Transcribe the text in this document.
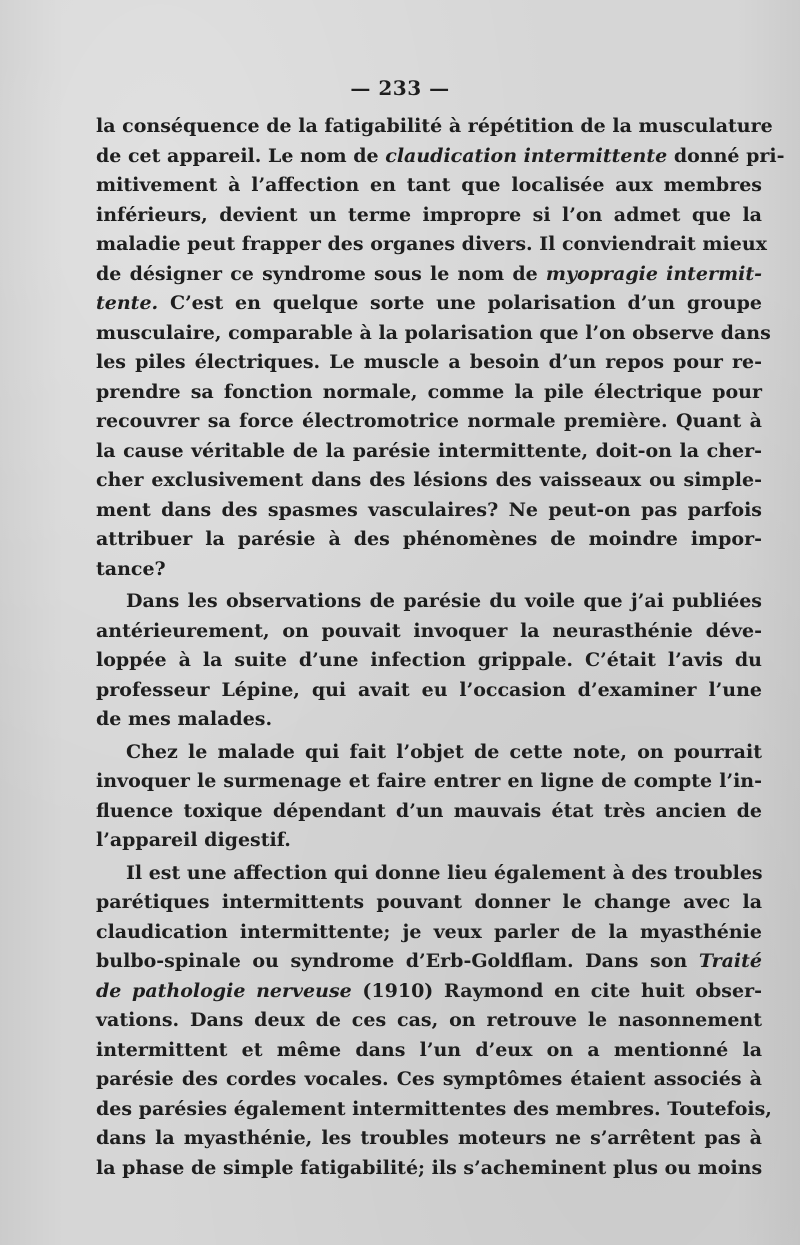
— 233 —
la conséquence de la fatigabilité à répétition de la musculature
de cet appareil. Le nom de claudication intermittente donné pri-
mitivement à l’affection en tant que localisée aux membres
inférieurs, devient un terme impropre si l’on admet que la
maladie peut frapper des organes divers. Il conviendrait mieux
de désigner ce syndrome sous le nom de myopragie intermit-
tente. C’est en quelque sorte une polarisation d’un groupe
musculaire, comparable à la polarisation que l’on observe dans
les piles électriques. Le muscle a besoin d’un repos pour re-
prendre sa fonction normale, comme la pile électrique pour
recouvrer sa force électromotrice normale première. Quant à
la cause véritable de la parésie intermittente, doit-on la cher-
cher exclusivement dans des lésions des vaisseaux ou simple-
ment dans des spasmes vasculaires? Ne peut-on pas parfois
attribuer la parésie à des phénomènes de moindre impor-
tance?
Dans les observations de parésie du voile que j’ai publiées
antérieurement, on pouvait invoquer la neurasthénie déve-
loppée à la suite d’une infection grippale. C’était l’avis du
professeur Lépine, qui avait eu l’occasion d’examiner l’une
de mes malades.
Chez le malade qui fait l’objet de cette note, on pourrait
invoquer le surmenage et faire entrer en ligne de compte l’in-
fluence toxique dépendant d’un mauvais état très ancien de
l’appareil digestif.
Il est une affection qui donne lieu également à des troubles
parétiques intermittents pouvant donner le change avec la
claudication intermittente; je veux parler de la myasthénie
bulbo-spinale ou syndrome d’Erb-Goldflam. Dans son Traité
de pathologie nerveuse (1910) Raymond en cite huit obser-
vations. Dans deux de ces cas, on retrouve le nasonnement
intermittent et même dans l’un d’eux on a mentionné la
parésie des cordes vocales. Ces symptômes étaient associés à
des parésies également intermittentes des membres. Toutefois,
dans la myasthénie, les troubles moteurs ne s’arrêtent pas à
la phase de simple fatigabilité; ils s’acheminent plus ou moins
